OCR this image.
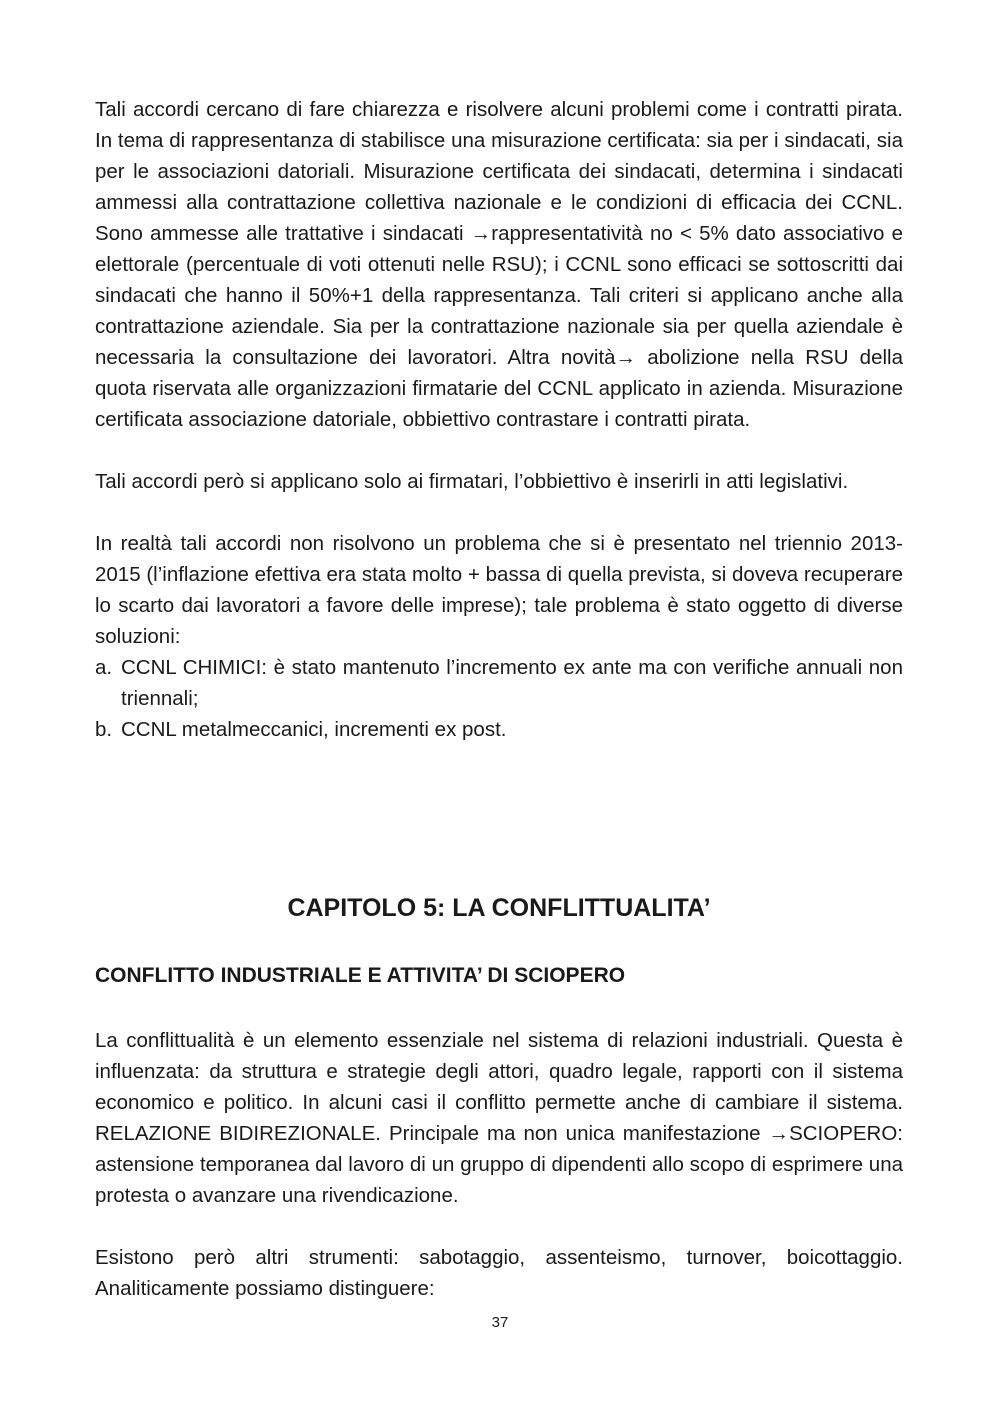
Tali accordi cercano di fare chiarezza e risolvere alcuni problemi come i contratti pirata. In tema di rappresentanza di stabilisce una misurazione certificata: sia per i sindacati, sia per le associazioni datoriali. Misurazione certificata dei sindacati, determina i sindacati ammessi alla contrattazione collettiva nazionale e le condizioni di efficacia dei CCNL. Sono ammesse alle trattative i sindacati →rappresentatività no < 5% dato associativo e elettorale (percentuale di voti ottenuti nelle RSU); i CCNL sono efficaci se sottoscritti dai sindacati che hanno il 50%+1 della rappresentanza. Tali criteri si applicano anche alla contrattazione aziendale. Sia per la contrattazione nazionale sia per quella aziendale è necessaria la consultazione dei lavoratori. Altra novità→ abolizione nella RSU della quota riservata alle organizzazioni firmatarie del CCNL applicato in azienda. Misurazione certificata associazione datoriale, obbiettivo contrastare i contratti pirata.

Tali accordi però si applicano solo ai firmatari, l’obbiettivo è inserirli in atti legislativi.

In realtà tali accordi non risolvono un problema che si è presentato nel triennio 2013-2015 (l’inflazione efettiva era stata molto + bassa di quella prevista, si doveva recuperare lo scarto dai lavoratori a favore delle imprese); tale problema è stato oggetto di diverse soluzioni:

a. CCNL CHIMICI: è stato mantenuto l’incremento ex ante ma con verifiche annuali non triennali;
b. CCNL metalmeccanici, incrementi ex post.
CAPITOLO 5: LA CONFLITTUALITA’
CONFLITTO INDUSTRIALE E ATTIVITA’ DI SCIOPERO

La conflittualità è un elemento essenziale nel sistema di relazioni industriali. Questa è influenzata: da struttura e strategie degli attori, quadro legale, rapporti con il sistema economico e politico. In alcuni casi il conflitto permette anche di cambiare il sistema. RELAZIONE BIDIREZIONALE. Principale ma non unica manifestazione →SCIOPERO: astensione temporanea dal lavoro di un gruppo di dipendenti allo scopo di esprimere una protesta o avanzare una rivendicazione.

Esistono però altri strumenti: sabotaggio, assenteismo, turnover, boicottaggio. Analiticamente possiamo distinguere:

37
